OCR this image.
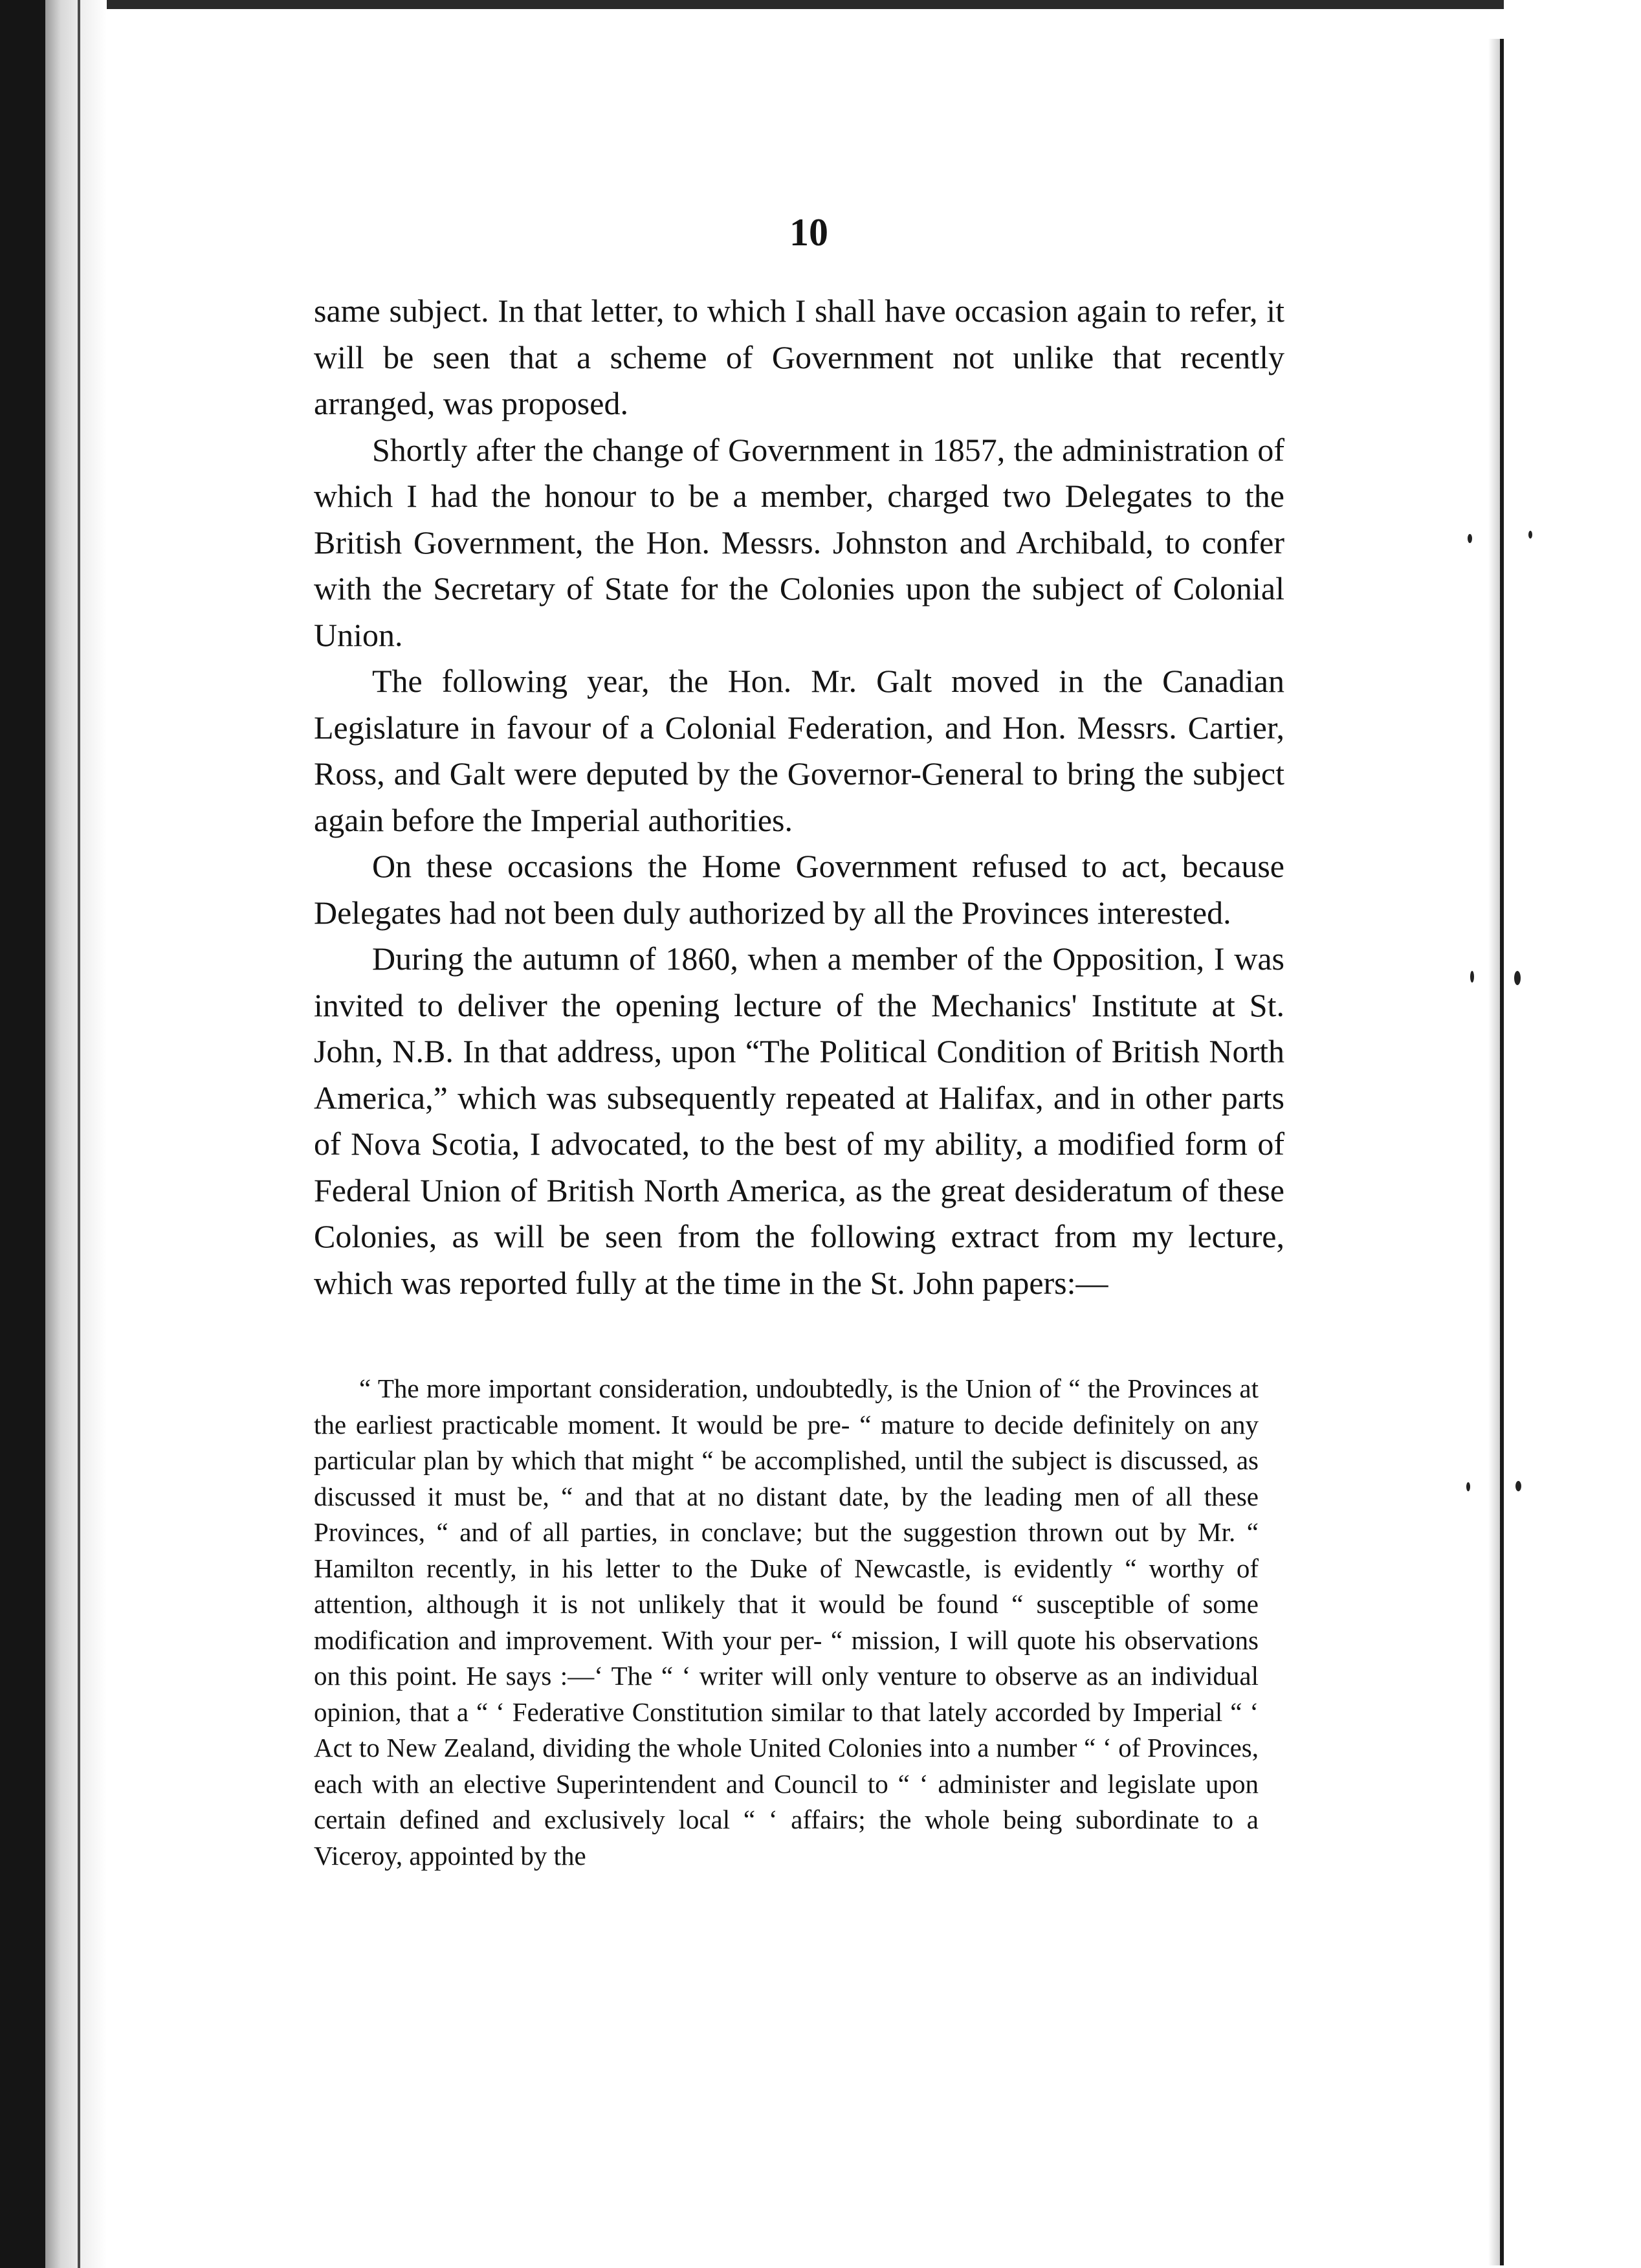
10

same subject. In that letter, to which I shall have occasion again to refer, it will be seen that a scheme of Government not unlike that recently arranged, was proposed.

Shortly after the change of Government in 1857, the administration of which I had the honour to be a member, charged two Delegates to the British Government, the Hon. Messrs. Johnston and Archibald, to confer with the Secretary of State for the Colonies upon the subject of Colonial Union.

The following year, the Hon. Mr. Galt moved in the Canadian Legislature in favour of a Colonial Federation, and Hon. Messrs. Cartier, Ross, and Galt were deputed by the Governor-General to bring the subject again before the Imperial authorities.

On these occasions the Home Government refused to act, because Delegates had not been duly authorized by all the Provinces interested.

During the autumn of 1860, when a member of the Opposition, I was invited to deliver the opening lecture of the Mechanics' Institute at St. John, N.B. In that address, upon “The Political Condition of British North America,” which was subsequently repeated at Halifax, and in other parts of Nova Scotia, I advocated, to the best of my ability, a modified form of Federal Union of British North America, as the great desideratum of these Colonies, as will be seen from the following extract from my lecture, which was reported fully at the time in the St. John papers:—

“ The more important consideration, undoubtedly, is the Union of “ the Provinces at the earliest practicable moment. It would be pre- “ mature to decide definitely on any particular plan by which that might “ be accomplished, until the subject is discussed, as discussed it must be, “ and that at no distant date, by the leading men of all these Provinces, “ and of all parties, in conclave; but the suggestion thrown out by Mr. “ Hamilton recently, in his letter to the Duke of Newcastle, is evidently “ worthy of attention, although it is not unlikely that it would be found “ susceptible of some modification and improvement. With your per- “ mission, I will quote his observations on this point. He says :—‘ The “ ‘ writer will only venture to observe as an individual opinion, that a “ ‘ Federative Constitution similar to that lately accorded by Imperial “ ‘ Act to New Zealand, dividing the whole United Colonies into a number “ ‘ of Provinces, each with an elective Superintendent and Council to “ ‘ administer and legislate upon certain defined and exclusively local “ ‘ affairs; the whole being subordinate to a Viceroy, appointed by the
